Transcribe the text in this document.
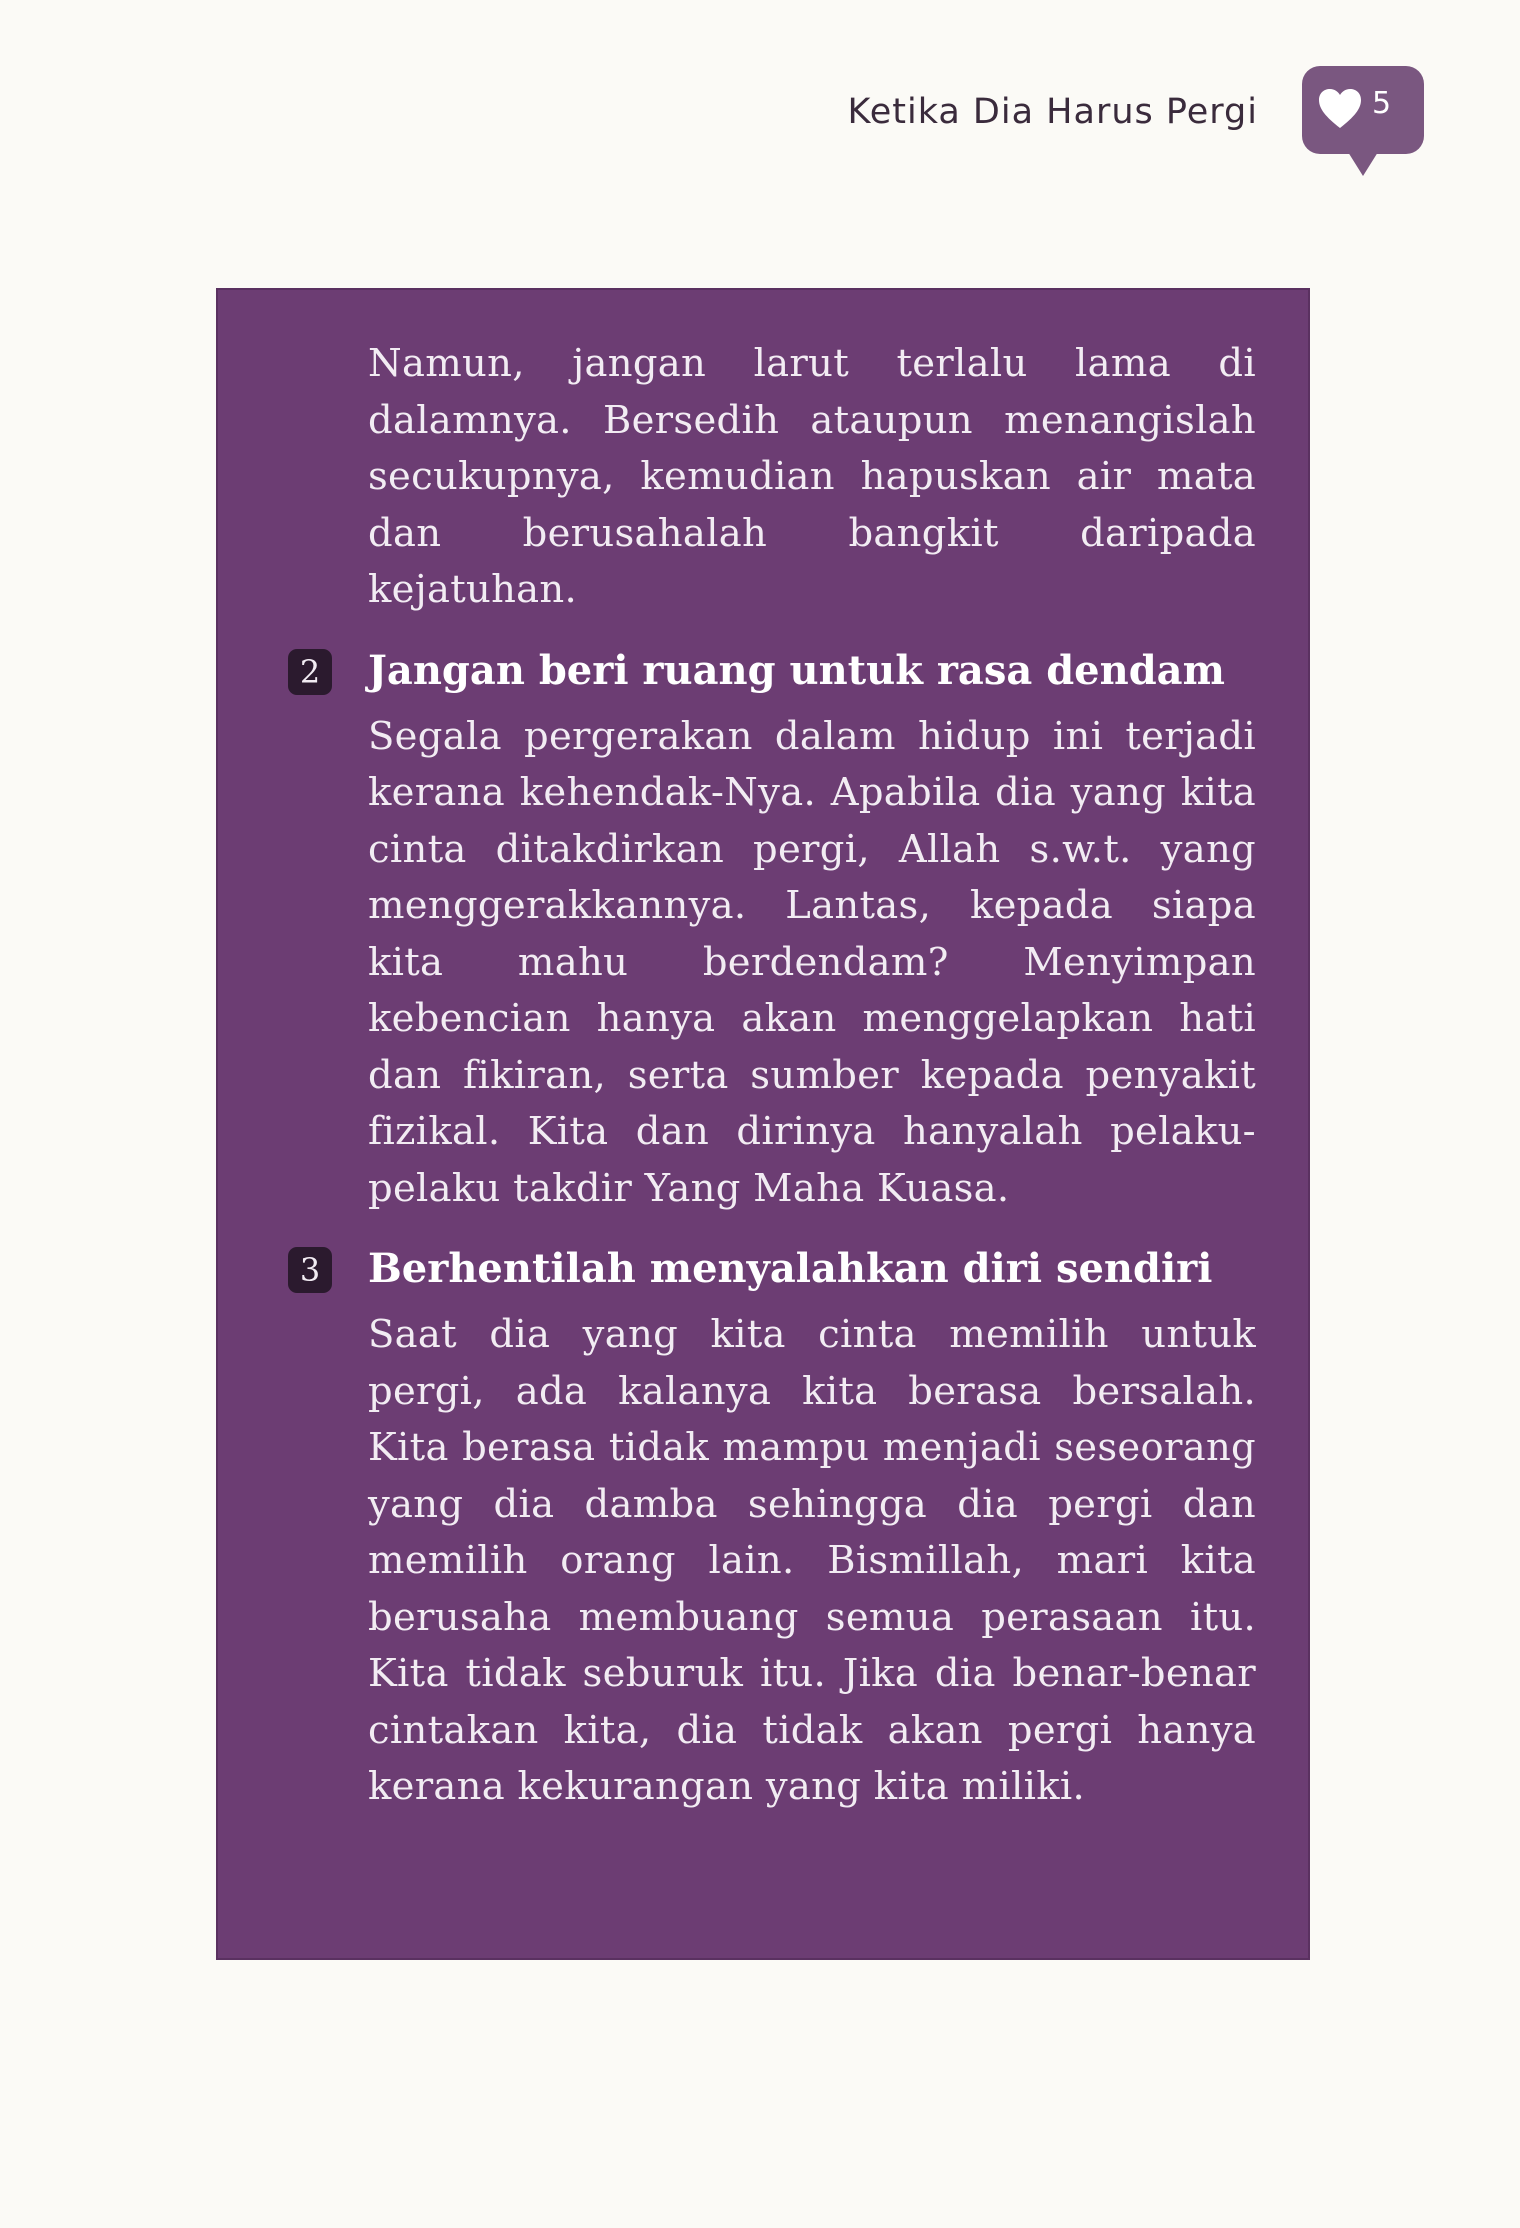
Ketika Dia Harus Pergi	5

Namun, jangan larut terlalu lama di dalamnya. Bersedih ataupun menangislah secukupnya, kemudian hapuskan air mata dan berusahalah bangkit daripada kejatuhan.

2 Jangan beri ruang untuk rasa dendam

Segala pergerakan dalam hidup ini terjadi kerana kehendak-Nya. Apabila dia yang kita cinta ditakdirkan pergi, Allah s.w.t. yang menggerakkannya. Lantas, kepada siapa kita mahu berdendam? Menyimpan kebencian hanya akan menggelapkan hati dan fikiran, serta sumber kepada penyakit fizikal. Kita dan dirinya hanyalah pelaku-pelaku takdir Yang Maha Kuasa.

3 Berhentilah menyalahkan diri sendiri

Saat dia yang kita cinta memilih untuk pergi, ada kalanya kita berasa bersalah. Kita berasa tidak mampu menjadi seseorang yang dia damba sehingga dia pergi dan memilih orang lain. Bismillah, mari kita berusaha membuang semua perasaan itu. Kita tidak seburuk itu. Jika dia benar-benar cintakan kita, dia tidak akan pergi hanya kerana kekurangan yang kita miliki.
